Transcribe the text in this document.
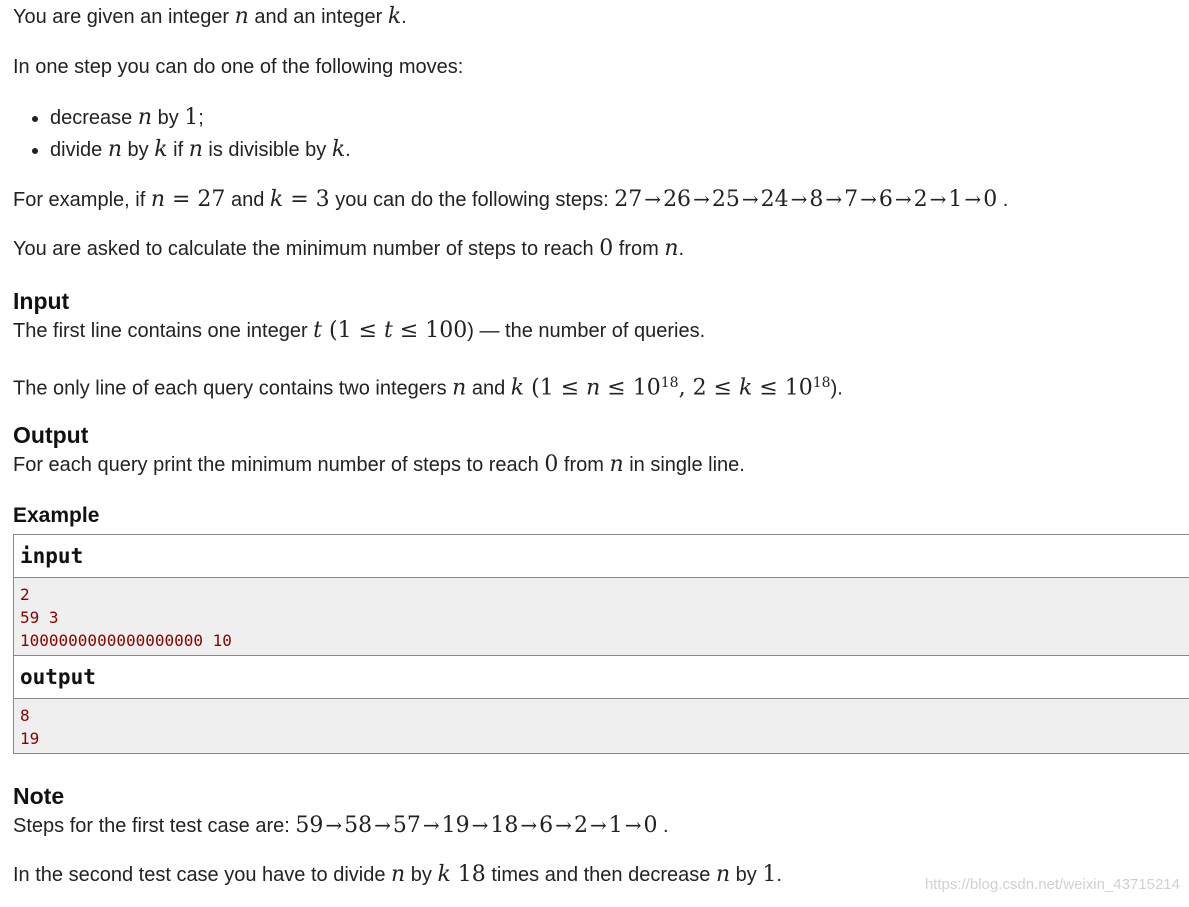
You are given an integer n and an integer k.

In one step you can do one of the following moves:

• decrease n by 1;
• divide n by k if n is divisible by k.

For example, if n = 27 and k = 3 you can do the following steps: 27 →26 →25 →24 →8 →7 →6 →2 →1 →0 .

You are asked to calculate the minimum number of steps to reach 0 from n.

Input

The first line contains one integer t (1 ≤ t ≤ 100) — the number of queries.

The only line of each query contains two integers n and k ($1 \le n \le 10^{18}$, $2 \le k \le 10^{18}$).

Output

For each query print the minimum number of steps to reach 0 from n in single line.

Example
input
2
59 3
1000000000000000000 10
output
8
19
Note

Steps for the first test case are: 59 →58 →57 →19 →18 →6 →2 →1 →0 .

In the second test case you have to divide n by k 18 times and then decrease n by 1.	https://blog.csdn.net/weixin_43715214
